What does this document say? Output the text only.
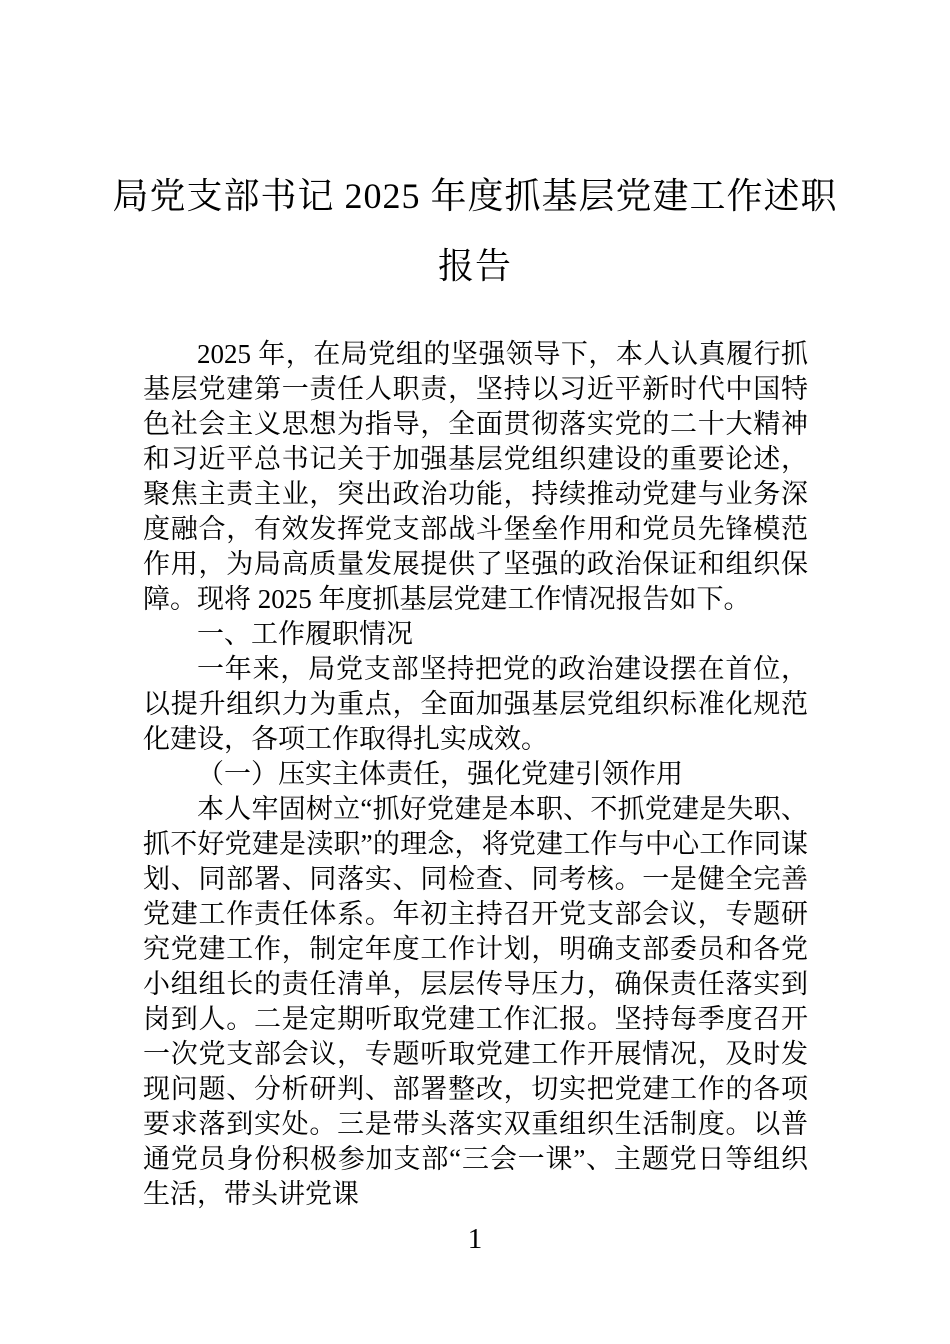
局党支部书记 2025 年度抓基层党建工作述职报告

2025 年，在局党组的坚强领导下，本人认真履行抓基层党建第一责任人职责，坚持以习近平新时代中国特色社会主义思想为指导，全面贯彻落实党的二十大精神和习近平总书记关于加强基层党组织建设的重要论述，聚焦主责主业，突出政治功能，持续推动党建与业务深度融合，有效发挥党支部战斗堡垒作用和党员先锋模范作用，为局高质量发展提供了坚强的政治保证和组织保障。现将 2025 年度抓基层党建工作情况报告如下。

一、工作履职情况

一年来，局党支部坚持把党的政治建设摆在首位，以提升组织力为重点，全面加强基层党组织标准化规范化建设，各项工作取得扎实成效。

（一）压实主体责任，强化党建引领作用

本人牢固树立“抓好党建是本职、不抓党建是失职、抓不好党建是渎职”的理念，将党建工作与中心工作同谋划、同部署、同落实、同检查、同考核。一是健全完善党建工作责任体系。年初主持召开党支部会议，专题研究党建工作，制定年度工作计划，明确支部委员和各党小组组长的责任清单，层层传导压力，确保责任落实到岗到人。二是定期听取党建工作汇报。坚持每季度召开一次党支部会议，专题听取党建工作开展情况，及时发现问题、分析研判、部署整改，切实把党建工作的各项要求落到实处。三是带头落实双重组织生活制度。以普通党员身份积极参加支部“三会一课”、主题党日等组织生活，带头讲党课

1
